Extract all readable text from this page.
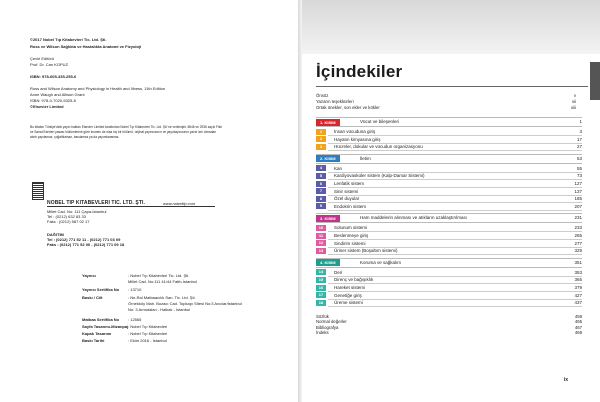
©2017 Nobel Tıp Kitabevleri Tic. Ltd. Şti.
Ross ve Wilson Sağlıkta ve Hastalıkta Anatomi ve Fizyoloji
Çeviri Editörü
Prof. Dr. Can KOPUZ
ISBN: 978-605-335-255-6
Ross and Wilson Anatomy and Physiology in Health and Illness, 11th Edition
Anne Waugh and Allison Grant
ISBN: 978-0-7020-5325-8
©Elsevier Limited
Bu kitabın Türkiye'deki yayın hakları Elsevier Limited tarafından Nobel Tıp Kitabevleri Tic. Ltd. Şti.'ne verilmiştir. 5846 ve 2936 sayılı Fikir
ve Sanat Eserleri yasası hükümlerine göre kısmen de olsa hiç bir bölümü, orijinal yayıncısının ve yayınlayıcısının yazılı izni olmadan
alıntı yapılamaz, çoğaltılamaz, basılamaz ya da yayımlanamaz.
NOBEL TIP KITABEVLERI TIC. LTD. ŞTI.	www.nobeltip.com
Millet Cad. No: 111 Çapa-İstanbul
Tel : (0212) 632 83 33
Faks : (0212) 587 02 17
DAĞITIM
Tel : (0212) 771 52 11 - (0212) 771 03 09
Faks : (0212) 771 52 00 - (0212) 771 09 18
Yayıncı	: Nobel Tıp Kitabevleri Tic. Ltd. Şti.
Millet Cad. No:111 41/44 Fatih-İstanbul
Yayıncı Sertifika No : 13710
Baskı / Cilt	: Ne-Ral Matbaacılık San. Tic. Ltd. Şti.
Örnekköy Mah. Bozacı Cad. Topkapı Sitesi No:3 Avcılar/İstanbul
No: 3 Armutalan - Halkalı - İstanbul
Matbaa Sertifika No : 12565
Sayfa Tasarımı-Mizanpaj : Nobel Tıp Kitabevleri
Kapak Tasarımı	: Nobel Tıp Kitabevleri
Baskı Tarihi	: Ekim 2016 - İstanbul
İçindekiler
Önsöz	v
Yazarın teşekkürleri	vii
Ortak önekler, son ekler ve kökler	xiii
1. KISIM	Vücut ve bileşenleri	1
1	İnsan vücuduna giriş	3
2	Hayatın kimyasına giriş	17
3	Hücreler, dokular ve vücudun organizasyonu	27
2. KISIM	İletim	53
4	Kan	55
5	Kardiyovasküler sistem (Kalp-Damar Sistemi)	73
6	Lenfatik sistem	127
7	Sinir sistemi	137
8	Özel duyular	185
9	Endokrin sistem	207
3. KISIM	Ham maddelerin alınması ve atıkların uzaklaştırılması	231
10	Solunum sistemi	233
11	Beslenmeye giriş	265
12	Sindirim sistemi	277
13	Üriner sistem (Boşaltım sistemi)	329
4. KISIM	Koruma ve sağkalım	351
14	Deri	353
15	Direnç ve bağışıklık	365
16	Hareket sistemi	379
17	Genetiğe giriş	427
18	Üreme sistemi	437
Sözlük	459
Normal değerler	465
Bibliografya	467
İndeks	469
ix
